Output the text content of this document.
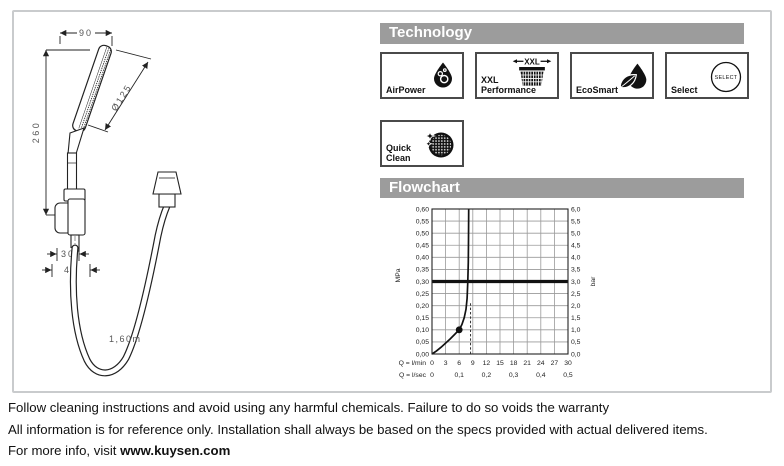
90
260
Ø125
30
42
1,60m
Technology
AirPower
XXL
XXL Performance	EcoSmart
SELECT
Select
Quick Clean
Flowchart
0,00
0,05
0,10
0,15
0,20
0,25
0,30
0,35
0,40
0,45
0,50
0,55
0,60
0,0
0,5
1,0
1,5
2,0
2,5
3,0
3,5
4,0
4,5
5,0
5,5
6,0
0 3 6 9 12 15 18 21 24 27 30
0	0,1	0,2	0,3	0,4	0,5
Q = l/min
Q = l/sec
MPa	bar
Follow cleaning instructions and avoid using any harmful chemicals. Failure to do so voids the warranty
All information is for reference only. Installation shall always be based on the specs provided with actual delivered items.
For more info, visit www.kuysen.com
